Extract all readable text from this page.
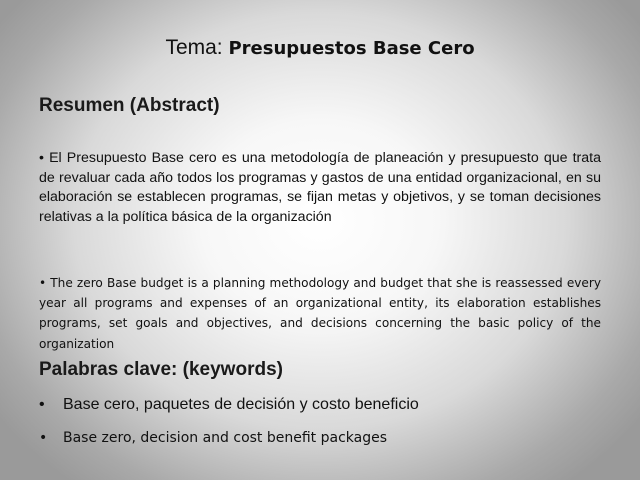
Tema: Presupuestos Base Cero
Resumen (Abstract)
• El Presupuesto Base cero es una metodología de planeación y presupuesto que trata de revaluar cada año todos los programas y gastos de una entidad organizacional, en su elaboración se establecen programas, se fijan metas y objetivos, y se toman decisiones relativas a la política básica de la organización
• The zero Base budget is a planning methodology and budget that she is reassessed every year all programs and expenses of an organizational entity, its elaboration establishes programs, set goals and objectives, and decisions concerning the basic policy of the organization
Palabras clave: (keywords)
• Base cero, paquetes de decisión y costo beneficio
• Base zero, decision and cost benefit packages
